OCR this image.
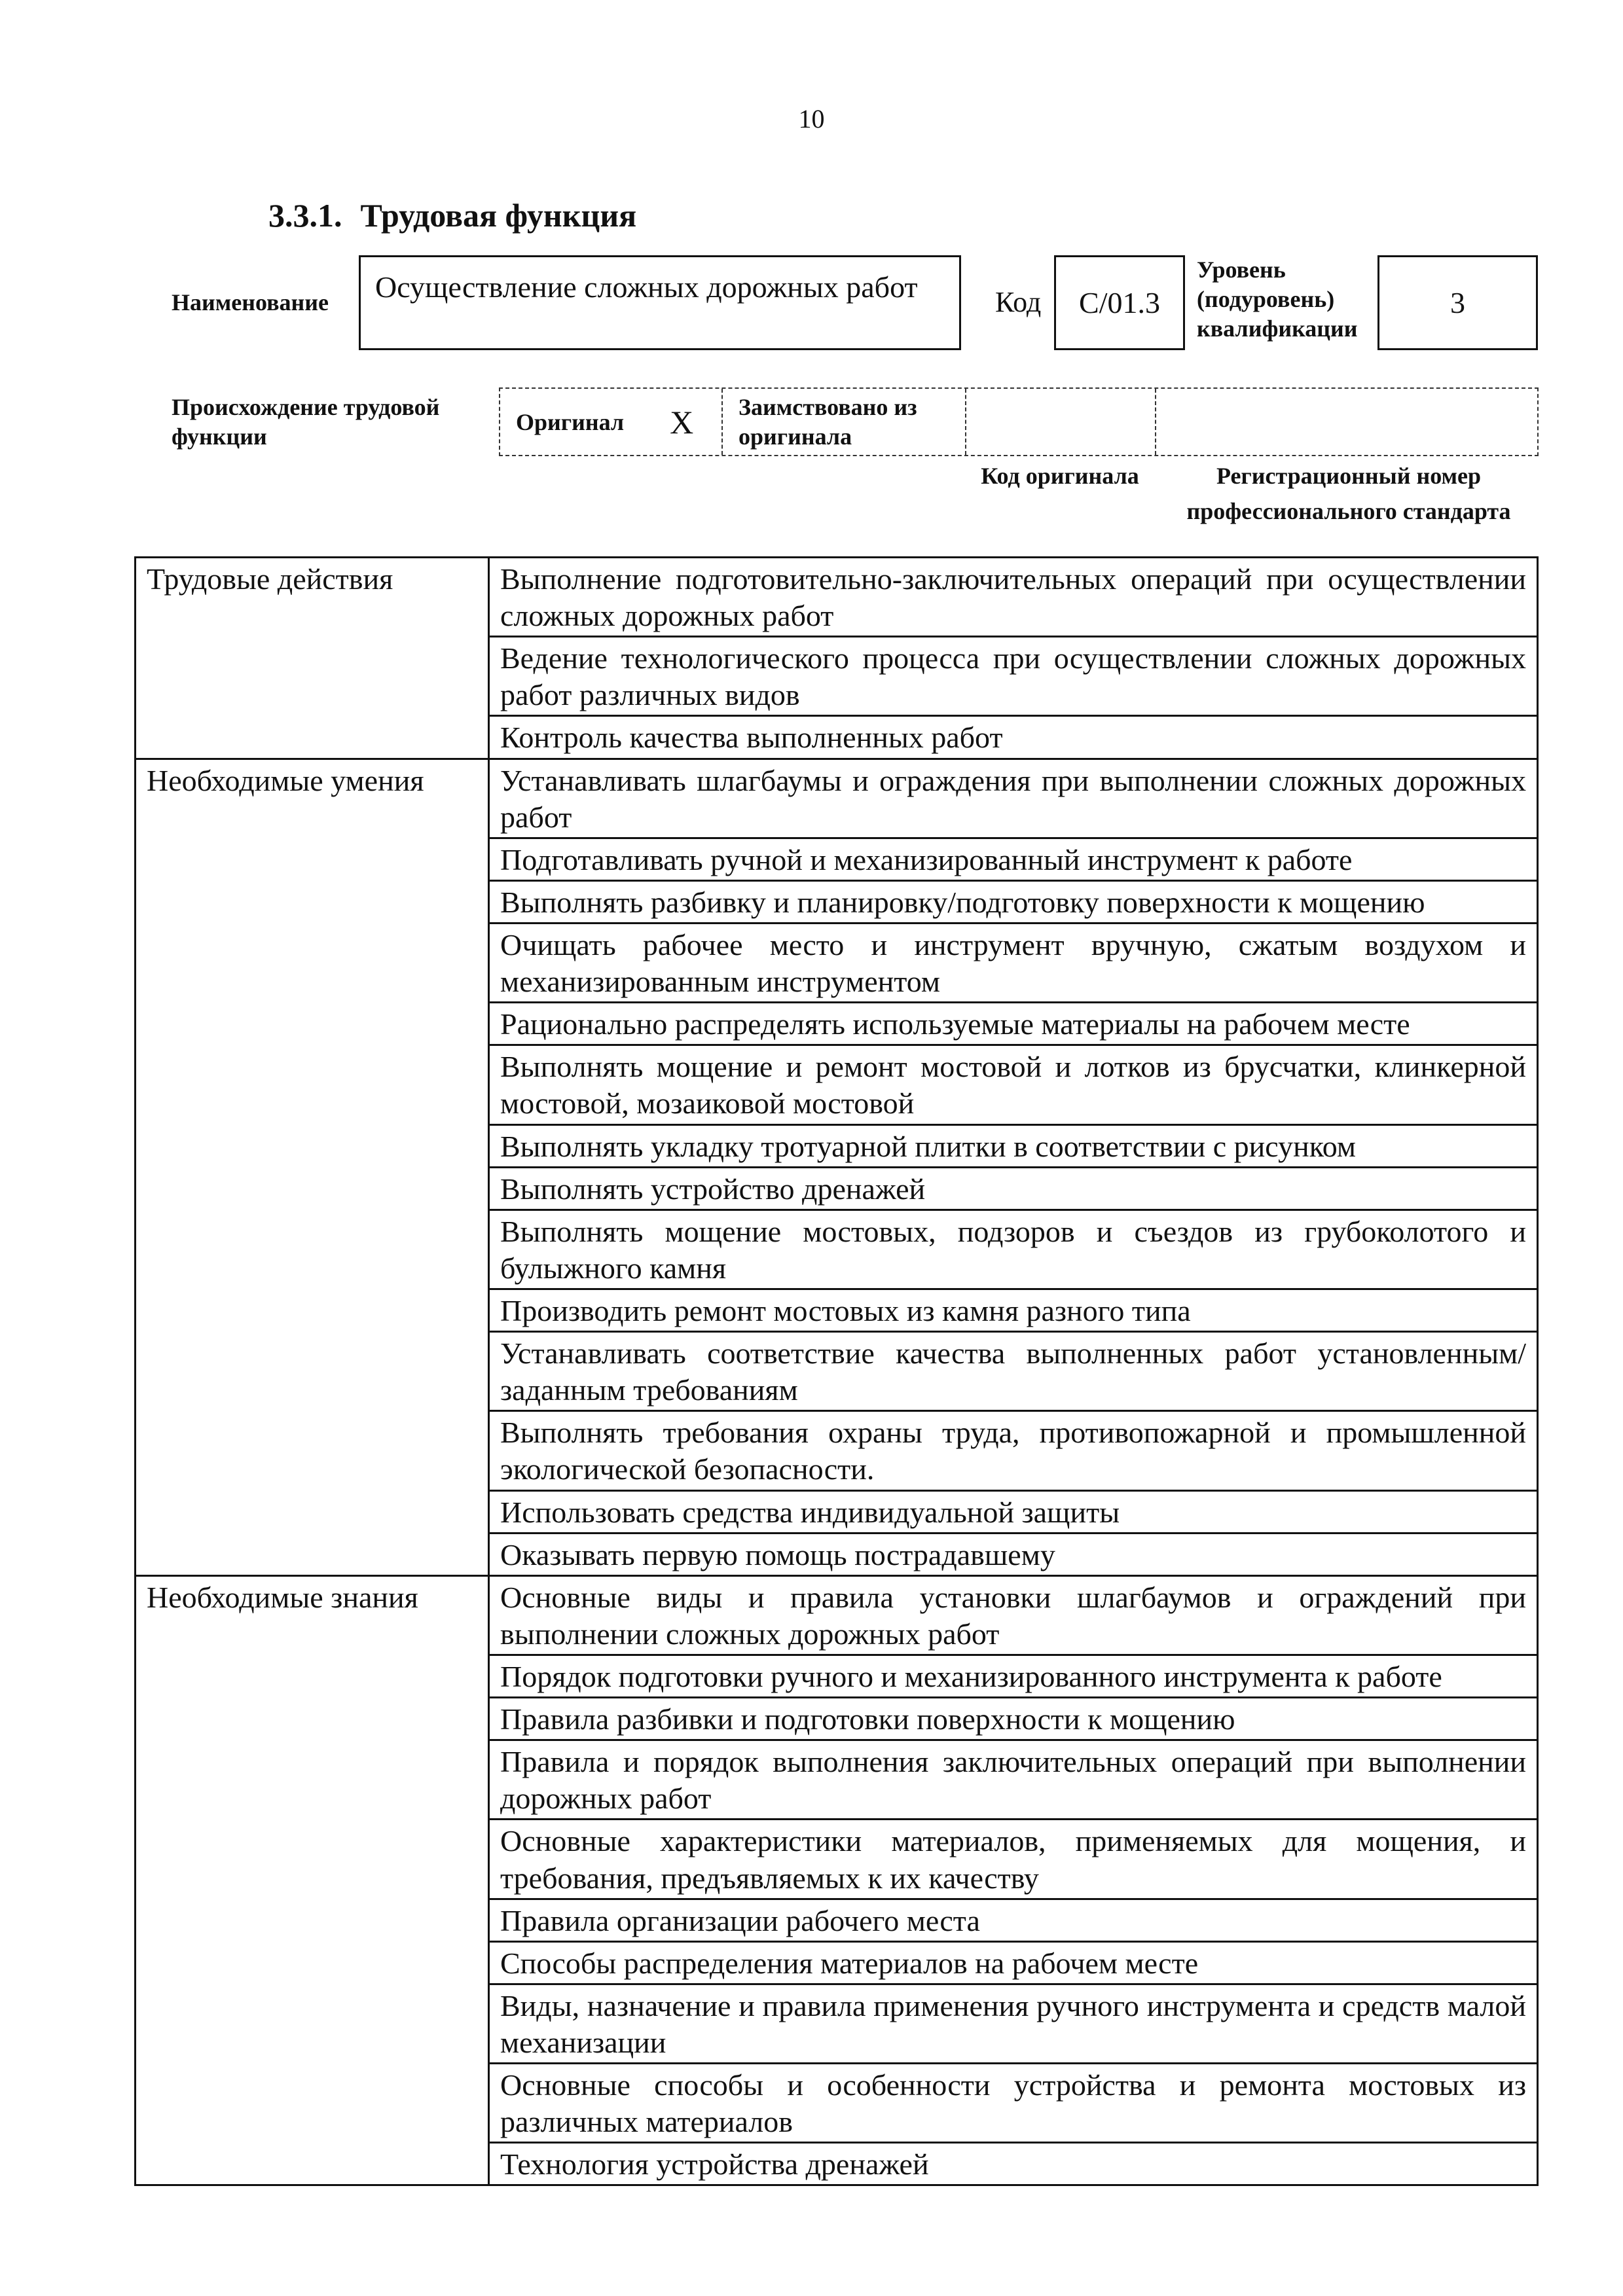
10
3.3.1. Трудовая функция
Наименование	Осуществление сложных дорожных работ	Код	C/01.3
Уровень (подуровень) квалификации
3
Происхождение трудовой функции
Оригинал X	Заимствовано из оригинала
Код оригинала	Регистрационный номер профессионального стандарта
Трудовые действия	Выполнение подготовительно-заключительных операций при осуществлении сложных дорожных работ
	Ведение технологического процесса при осуществлении сложных дорожных работ различных видов
	Контроль качества выполненных работ
Необходимые умения	Устанавливать шлагбаумы и ограждения при выполнении сложных дорожных работ
	Подготавливать ручной и механизированный инструмент к работе
	Выполнять разбивку и планировку/подготовку поверхности к мощению
	Очищать рабочее место и инструмент вручную, сжатым воздухом и механизированным инструментом
	Рационально распределять используемые материалы на рабочем месте
	Выполнять мощение и ремонт мостовой и лотков из брусчатки, клинкерной мостовой, мозаиковой мостовой
	Выполнять укладку тротуарной плитки в соответствии с рисунком
	Выполнять устройство дренажей
	Выполнять мощение мостовых, подзоров и съездов из грубоколотого и булыжного камня
	Производить ремонт мостовых из камня разного типа
	Устанавливать соответствие качества выполненных работ установленным/ заданным требованиям
	Выполнять требования охраны труда, противопожарной и промышленной экологической безопасности.
	Использовать средства индивидуальной защиты
	Оказывать первую помощь пострадавшему
Необходимые знания	Основные виды и правила установки шлагбаумов и ограждений при выполнении сложных дорожных работ
	Порядок подготовки ручного и механизированного инструмента к работе
	Правила разбивки и подготовки поверхности к мощению
	Правила и порядок выполнения заключительных операций при выполнении дорожных работ
	Основные характеристики материалов, применяемых для мощения, и требования, предъявляемых к их качеству
	Правила организации рабочего места
	Способы распределения материалов на рабочем месте
	Виды, назначение и правила применения ручного инструмента и средств малой механизации
	Основные способы и особенности устройства и ремонта мостовых из различных материалов
	Технология устройства дренажей
